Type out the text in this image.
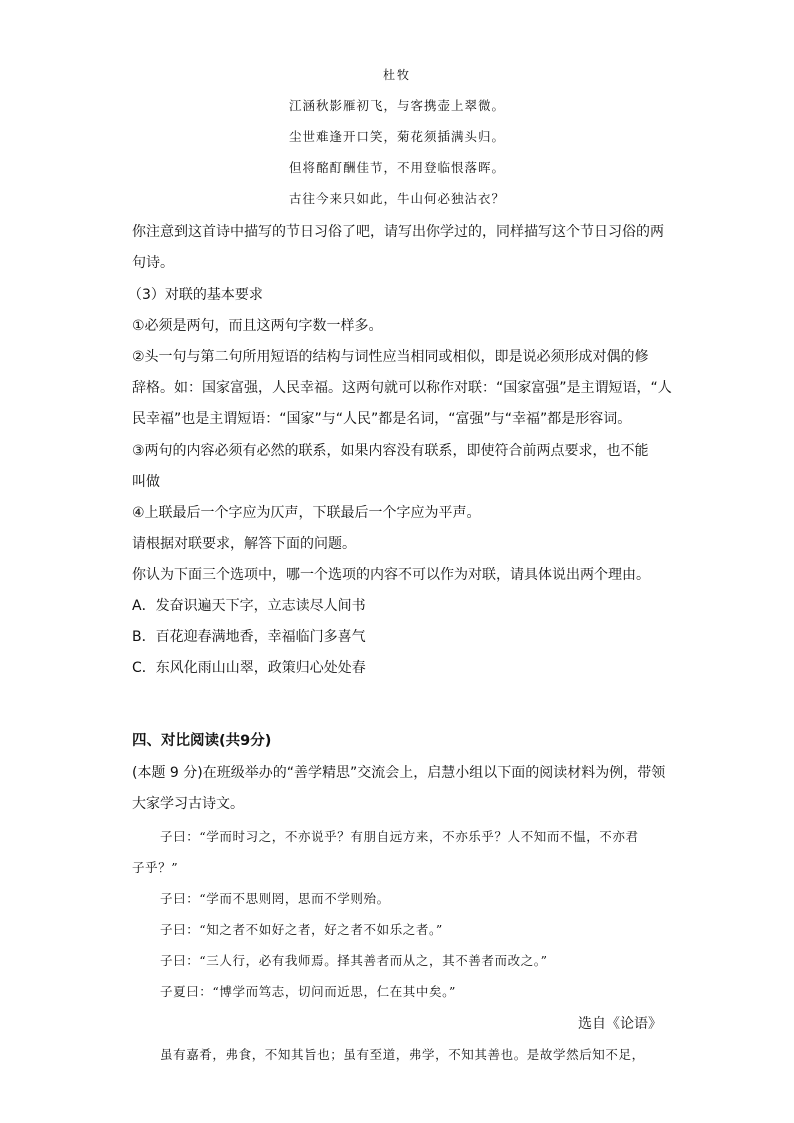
杜牧
江涵秋影雁初飞，与客携壶上翠微。
尘世难逢开口笑，菊花须插满头归。
但将酩酊酬佳节，不用登临恨落晖。
古往今来只如此，牛山何必独沾衣？
你注意到这首诗中描写的节日习俗了吧，请写出你学过的，同样描写这个节日习俗的两
句诗。
（3）对联的基本要求
①必须是两句，而且这两句字数一样多。
②头一句与第二句所用短语的结构与词性应当相同或相似，即是说必须形成对偶的修
辞格。如：国家富强，人民幸福。这两句就可以称作对联：“国家富强”是主谓短语，“人
民幸福”也是主谓短语：“国家”与“人民”都是名词，“富强”与“幸福”都是形容词。
③两句的内容必须有必然的联系，如果内容没有联系，即使符合前两点要求，也不能
叫做
④上联最后一个字应为仄声，下联最后一个字应为平声。
请根据对联要求，解答下面的问题。
你认为下面三个选项中，哪一个选项的内容不可以作为对联，请具体说出两个理由。
A．发奋识遍天下字，立志读尽人间书
B．百花迎春满地香，幸福临门多喜气
C．东风化雨山山翠，政策归心处处春
四、对比阅读(共9分)
(本题 9 分)在班级举办的“善学精思”交流会上，启慧小组以下面的阅读材料为例，带领
大家学习古诗文。
子曰：“学而时习之，不亦说乎？有朋自远方来，不亦乐乎？人不知而不愠，不亦君
子乎？”
子曰：“学而不思则罔，思而不学则殆。
子曰：“知之者不如好之者，好之者不如乐之者。”
子曰：“三人行，必有我师焉。择其善者而从之，其不善者而改之。”
子夏曰：“博学而笃志，切问而近思，仁在其中矣。”
选自《论语》
虽有嘉肴，弗食，不知其旨也；虽有至道，弗学，不知其善也。是故学然后知不足，
